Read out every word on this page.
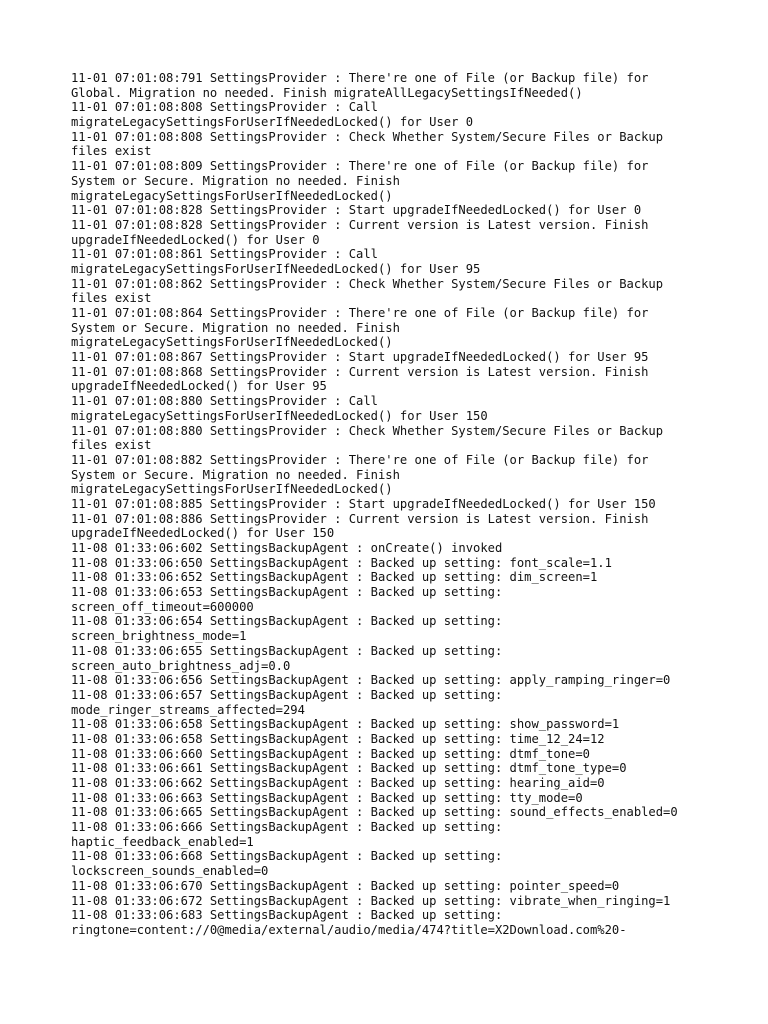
11-01 07:01:08:791 SettingsProvider : There're one of File (or Backup file) for
Global. Migration no needed. Finish migrateAllLegacySettingsIfNeeded()
11-01 07:01:08:808 SettingsProvider : Call
migrateLegacySettingsForUserIfNeededLocked() for User 0
11-01 07:01:08:808 SettingsProvider : Check Whether System/Secure Files or Backup
files exist
11-01 07:01:08:809 SettingsProvider : There're one of File (or Backup file) for
System or Secure. Migration no needed. Finish
migrateLegacySettingsForUserIfNeededLocked()
11-01 07:01:08:828 SettingsProvider : Start upgradeIfNeededLocked() for User 0
11-01 07:01:08:828 SettingsProvider : Current version is Latest version. Finish
upgradeIfNeededLocked() for User 0
11-01 07:01:08:861 SettingsProvider : Call
migrateLegacySettingsForUserIfNeededLocked() for User 95
11-01 07:01:08:862 SettingsProvider : Check Whether System/Secure Files or Backup
files exist
11-01 07:01:08:864 SettingsProvider : There're one of File (or Backup file) for
System or Secure. Migration no needed. Finish
migrateLegacySettingsForUserIfNeededLocked()
11-01 07:01:08:867 SettingsProvider : Start upgradeIfNeededLocked() for User 95
11-01 07:01:08:868 SettingsProvider : Current version is Latest version. Finish
upgradeIfNeededLocked() for User 95
11-01 07:01:08:880 SettingsProvider : Call
migrateLegacySettingsForUserIfNeededLocked() for User 150
11-01 07:01:08:880 SettingsProvider : Check Whether System/Secure Files or Backup
files exist
11-01 07:01:08:882 SettingsProvider : There're one of File (or Backup file) for
System or Secure. Migration no needed. Finish
migrateLegacySettingsForUserIfNeededLocked()
11-01 07:01:08:885 SettingsProvider : Start upgradeIfNeededLocked() for User 150
11-01 07:01:08:886 SettingsProvider : Current version is Latest version. Finish
upgradeIfNeededLocked() for User 150
11-08 01:33:06:602 SettingsBackupAgent : onCreate() invoked
11-08 01:33:06:650 SettingsBackupAgent : Backed up setting: font_scale=1.1
11-08 01:33:06:652 SettingsBackupAgent : Backed up setting: dim_screen=1
11-08 01:33:06:653 SettingsBackupAgent : Backed up setting:
screen_off_timeout=600000
11-08 01:33:06:654 SettingsBackupAgent : Backed up setting:
screen_brightness_mode=1
11-08 01:33:06:655 SettingsBackupAgent : Backed up setting:
screen_auto_brightness_adj=0.0
11-08 01:33:06:656 SettingsBackupAgent : Backed up setting: apply_ramping_ringer=0
11-08 01:33:06:657 SettingsBackupAgent : Backed up setting:
mode_ringer_streams_affected=294
11-08 01:33:06:658 SettingsBackupAgent : Backed up setting: show_password=1
11-08 01:33:06:658 SettingsBackupAgent : Backed up setting: time_12_24=12
11-08 01:33:06:660 SettingsBackupAgent : Backed up setting: dtmf_tone=0
11-08 01:33:06:661 SettingsBackupAgent : Backed up setting: dtmf_tone_type=0
11-08 01:33:06:662 SettingsBackupAgent : Backed up setting: hearing_aid=0
11-08 01:33:06:663 SettingsBackupAgent : Backed up setting: tty_mode=0
11-08 01:33:06:665 SettingsBackupAgent : Backed up setting: sound_effects_enabled=0
11-08 01:33:06:666 SettingsBackupAgent : Backed up setting:
haptic_feedback_enabled=1
11-08 01:33:06:668 SettingsBackupAgent : Backed up setting:
lockscreen_sounds_enabled=0
11-08 01:33:06:670 SettingsBackupAgent : Backed up setting: pointer_speed=0
11-08 01:33:06:672 SettingsBackupAgent : Backed up setting: vibrate_when_ringing=1
11-08 01:33:06:683 SettingsBackupAgent : Backed up setting:
ringtone=content://0@media/external/audio/media/474?title=X2Download.com%20-
